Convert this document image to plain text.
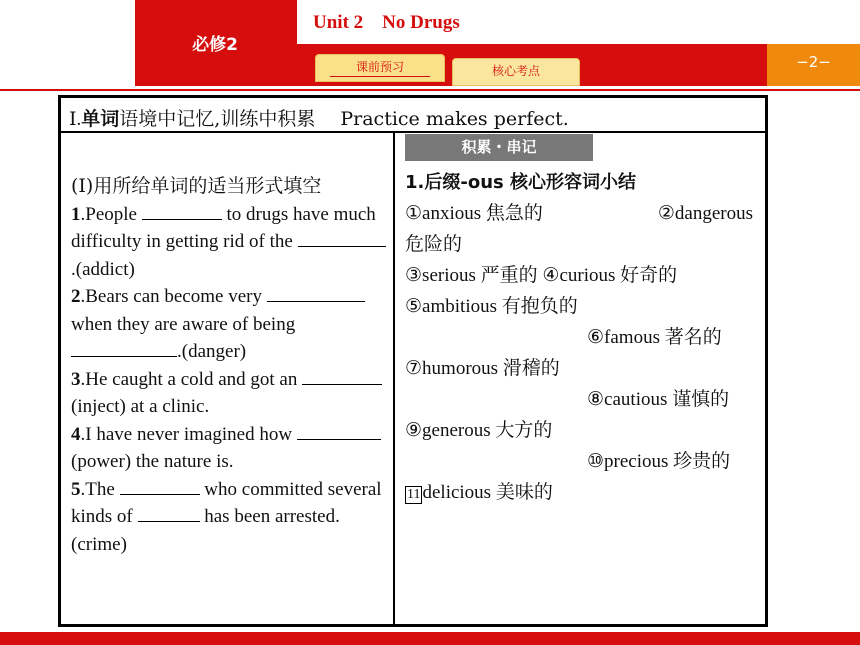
必修2
Unit 2    No Drugs
−2−
课前预习	核心考点
Ⅰ.单词语境中记忆,训练中积累　 Practice makes perfect.

(Ⅰ)用所给单词的适当形式填空

1.People	to drugs have much difficulty in getting rid of the .(addict)

2.Bears can become very  when they are aware of being .(danger)

3.He caught a cold and got an (inject) at a clinic.

4.I have never imagined how (power) the nature is.

5.The	who committed several kinds of	has been arrested.(crime)

积累・串记
1.后缀-ous 核心形容词小结
①anxious 焦急的	②dangerous
危险的
③serious 严重的 ④curious 好奇的
⑤ambitious 有抱负的
⑥famous 著名的
⑦humorous 滑稽的
⑧cautious 谨慎的
⑨generous 大方的
⑩precious 珍贵的
11 delicious 美味的
